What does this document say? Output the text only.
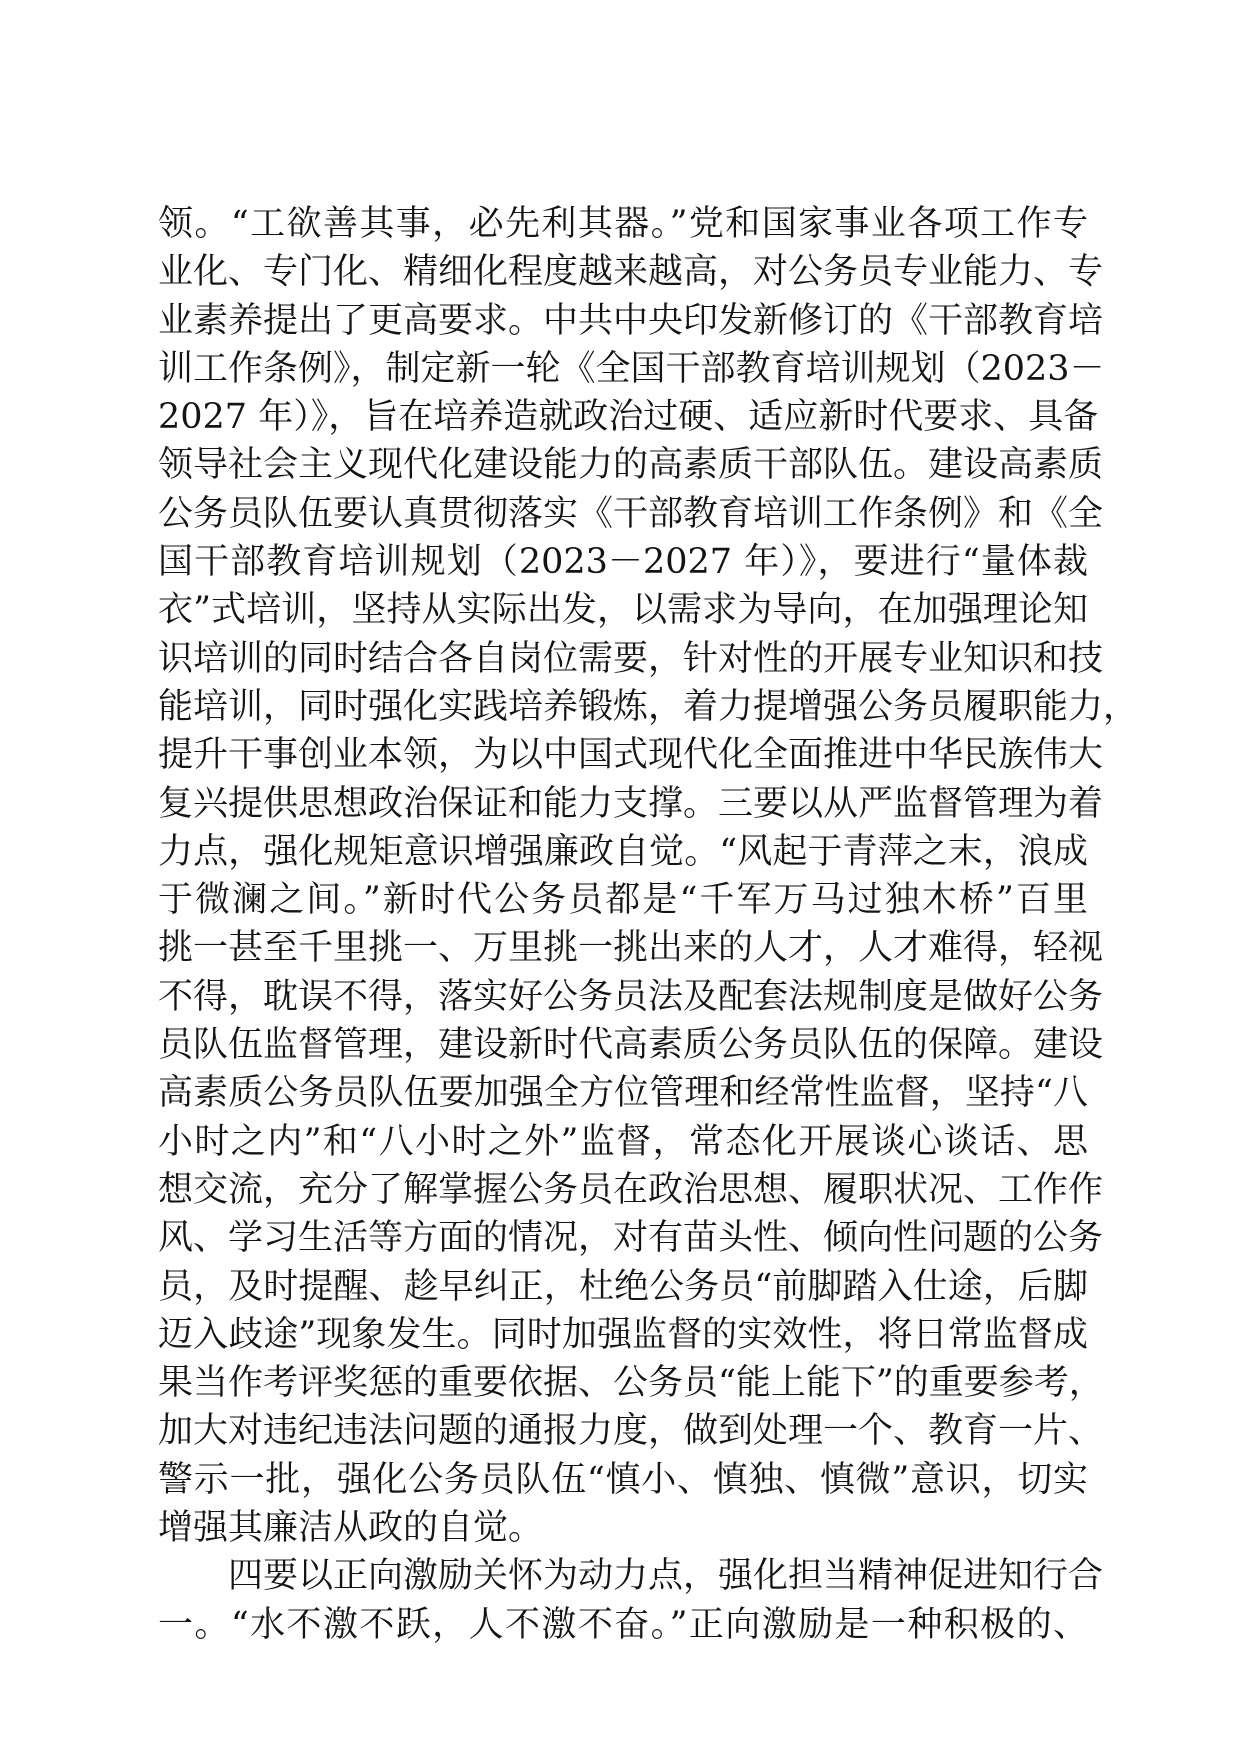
领。“工欲善其事，必先利其器。”党和国家事业各项工作专
业化、专门化、精细化程度越来越高，对公务员专业能力、专
业素养提出了更高要求。中共中央印发新修订的《干部教育培
训工作条例》，制定新一轮《全国干部教育培训规划（2023－
2027 年）》，旨在培养造就政治过硬、适应新时代要求、具备
领导社会主义现代化建设能力的高素质干部队伍。建设高素质
公务员队伍要认真贯彻落实《干部教育培训工作条例》和《全
国干部教育培训规划（2023－2027 年）》，要进行“量体裁
衣”式培训，坚持从实际出发，以需求为导向，在加强理论知
识培训的同时结合各自岗位需要，针对性的开展专业知识和技
能培训，同时强化实践培养锻炼，着力提增强公务员履职能力，
提升干事创业本领，为以中国式现代化全面推进中华民族伟大
复兴提供思想政治保证和能力支撑。三要以从严监督管理为着
力点，强化规矩意识增强廉政自觉。“风起于青萍之末，浪成
于微澜之间。”新时代公务员都是“千军万马过独木桥”百里
挑一甚至千里挑一、万里挑一挑出来的人才，人才难得，轻视
不得，耽误不得，落实好公务员法及配套法规制度是做好公务
员队伍监督管理，建设新时代高素质公务员队伍的保障。建设
高素质公务员队伍要加强全方位管理和经常性监督，坚持“八
小时之内”和“八小时之外”监督，常态化开展谈心谈话、思
想交流，充分了解掌握公务员在政治思想、履职状况、工作作
风、学习生活等方面的情况，对有苗头性、倾向性问题的公务
员，及时提醒、趁早纠正，杜绝公务员“前脚踏入仕途，后脚
迈入歧途”现象发生。同时加强监督的实效性，将日常监督成
果当作考评奖惩的重要依据、公务员“能上能下”的重要参考，
加大对违纪违法问题的通报力度，做到处理一个、教育一片、
警示一批，强化公务员队伍“慎小、慎独、慎微”意识，切实
增强其廉洁从政的自觉。
四要以正向激励关怀为动力点，强化担当精神促进知行合
一。“水不激不跃，人不激不奋。”正向激励是一种积极的、
